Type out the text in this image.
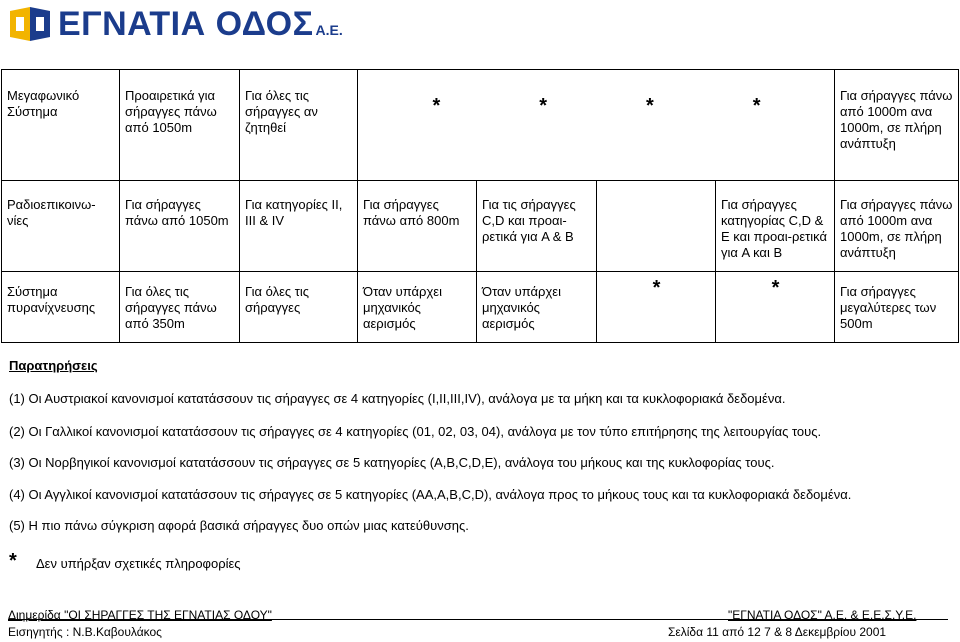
ΕΓΝΑΤΙΑ ΟΔΟΣ Α.Ε.
Μεγαφωνικό Σύστημα	Προαιρετικά για σήραγγες πάνω από 1050m	Για όλες τις σήραγγες αν ζητηθεί	* * * *				Για σήραγγες πάνω από 1000m ανα 1000m, σε πλήρη ανάπτυξη
Ραδιοεπικοινω-νίες	Για σήραγγες πάνω από 1050m	Για κατηγορίες II, III & IV	Για σήραγγες πάνω από 800m	Για τις σήραγγες C,D και προαι-ρετικά για A & B		Για σήραγγες κατηγορίας C,D & E και προαι-ρετικά για A και B	Για σήραγγες πάνω από 1000m ανα 1000m, σε πλήρη ανάπτυξη
Σύστημα πυρανίχνευσης	Για όλες τις σήραγγες πάνω από 350m	Για όλες τις σήραγγες	Όταν υπάρχει μηχανικός αερισμός	Όταν υπάρχει μηχανικός αερισμός	*	*	Για σήραγγες μεγαλύτερες των 500m
Παρατηρήσεις
(1) Οι Αυστριακοί κανονισμοί κατατάσσουν τις σήραγγες σε 4 κατηγορίες (I,II,III,IV), ανάλογα με τα μήκη και τα κυκλοφοριακά δεδομένα.
(2) Οι Γαλλικοί κανονισμοί κατατάσσουν τις σήραγγες σε 4 κατηγορίες (01, 02, 03, 04), ανάλογα με τον τύπο επιτήρησης της λειτουργίας τους.
(3) Οι Νορβηγικοί κανονισμοί κατατάσσουν τις σήραγγες σε 5 κατηγορίες (A,B,C,D,E), ανάλογα του μήκους και της κυκλοφορίας τους.
(4) Οι Αγγλικοί κανονισμοί κατατάσσουν τις σήραγγες σε 5 κατηγορίες (AA,A,B,C,D), ανάλογα προς το μήκους τους και τα κυκλοφοριακά δεδομένα.
(5) Η πιο πάνω σύγκριση αφορά βασικά σήραγγες δυο οπών μιας κατεύθυνσης.
* Δεν υπήρξαν σχετικές πληροφορίες
Διημερίδα "ΟΙ ΣΗΡΑΓΓΕΣ ΤΗΣ ΕΓΝΑΤΙΑΣ ΟΔΟΥ"	"ΕΓΝΑΤΙΑ ΟΔΟΣ" Α.Ε. & Ε.Ε.Σ.Υ.Ε.
Εισηγητής : Ν.Β.Καβουλάκος	Σελίδα 11 από 12 7 & 8 Δεκεμβρίου 2001
